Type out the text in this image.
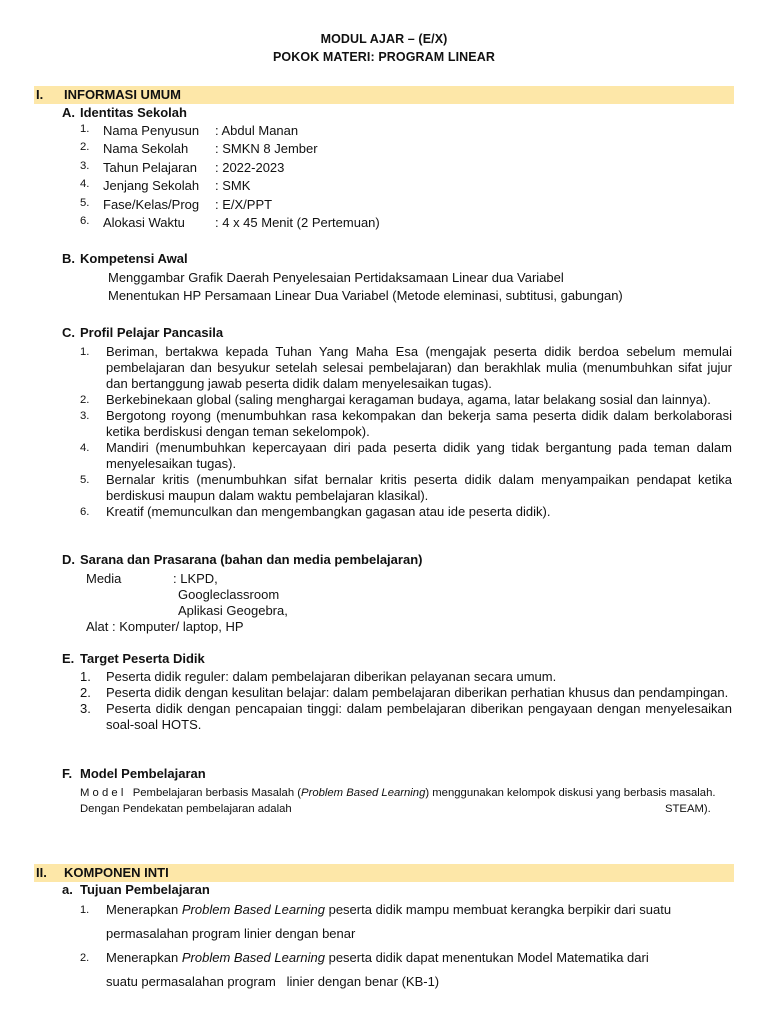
MODUL AJAR – (E/X)
POKOK MATERI: PROGRAM LINEAR
I. INFORMASI UMUM
A. Identitas Sekolah
1.	Nama Penyusun : Abdul Manan
2.	Nama Sekolah : SMKN 8 Jember
3.	Tahun Pelajaran : 2022-2023
4.	Jenjang Sekolah : SMK
5.	Fase/Kelas/Prog : E/X/PPT
6.	Alokasi Waktu : 4 x 45 Menit (2 Pertemuan)
B. Kompetensi Awal
Menggambar Grafik Daerah Penyelesaian Pertidaksamaan Linear dua Variabel
Menentukan HP Persamaan Linear Dua Variabel (Metode eleminasi, subtitusi, gabungan)
C. Profil Pelajar Pancasila
1. Beriman, bertakwa kepada Tuhan Yang Maha Esa (mengajak peserta didik berdoa sebelum memulai pembelajaran dan besyukur setelah selesai pembelajaran) dan berakhlak mulia (menumbuhkan sifat jujur dan bertanggung jawab peserta didik dalam menyelesaikan tugas).
2. Berkebinekaan global (saling menghargai keragaman budaya, agama, latar belakang sosial dan lainnya).
3. Bergotong royong (menumbuhkan rasa kekompakan dan bekerja sama peserta didik dalam berkolaborasi ketika berdiskusi dengan teman sekelompok).
4. Mandiri (menumbuhkan kepercayaan diri pada peserta didik yang tidak bergantung pada teman dalam menyelesaikan tugas).
5. Bernalar kritis (menumbuhkan sifat bernalar kritis peserta didik dalam menyampaikan pendapat ketika berdiskusi maupun dalam waktu pembelajaran klasikal).
6. Kreatif (memunculkan dan mengembangkan gagasan atau ide peserta didik).
D. Sarana dan Prasarana (bahan dan media pembelajaran)
Media	: LKPD,
Googleclassroom
Aplikasi Geogebra,
Alat : Komputer/ laptop, HP
E. Target Peserta Didik
1. Peserta didik reguler: dalam pembelajaran diberikan pelayanan secara umum.
2. Peserta didik dengan kesulitan belajar: dalam pembelajaran diberikan perhatian khusus dan pendampingan.
3. Peserta didik dengan pencapaian tinggi: dalam pembelajaran diberikan pengayaan dengan menyelesaikan soal-soal HOTS.
F. Model Pembelajaran
M o d e l   Pembelajaran berbasis Masalah (Problem Based Learning) menggunakan kelompok diskusi yang berbasis masalah.
Dengan Pendekatan pembelajaran adalah	STEAM).
II. KOMPONEN INTI
a. Tujuan Pembelajaran
1. Menerapkan Problem Based Learning peserta didik mampu membuat kerangka berpikir dari suatu
permasalahan program linier dengan benar
2. Menerapkan Problem Based Learning peserta didik dapat menentukan Model Matematika dari
suatu permasalahan program   linier dengan benar (KB-1)
